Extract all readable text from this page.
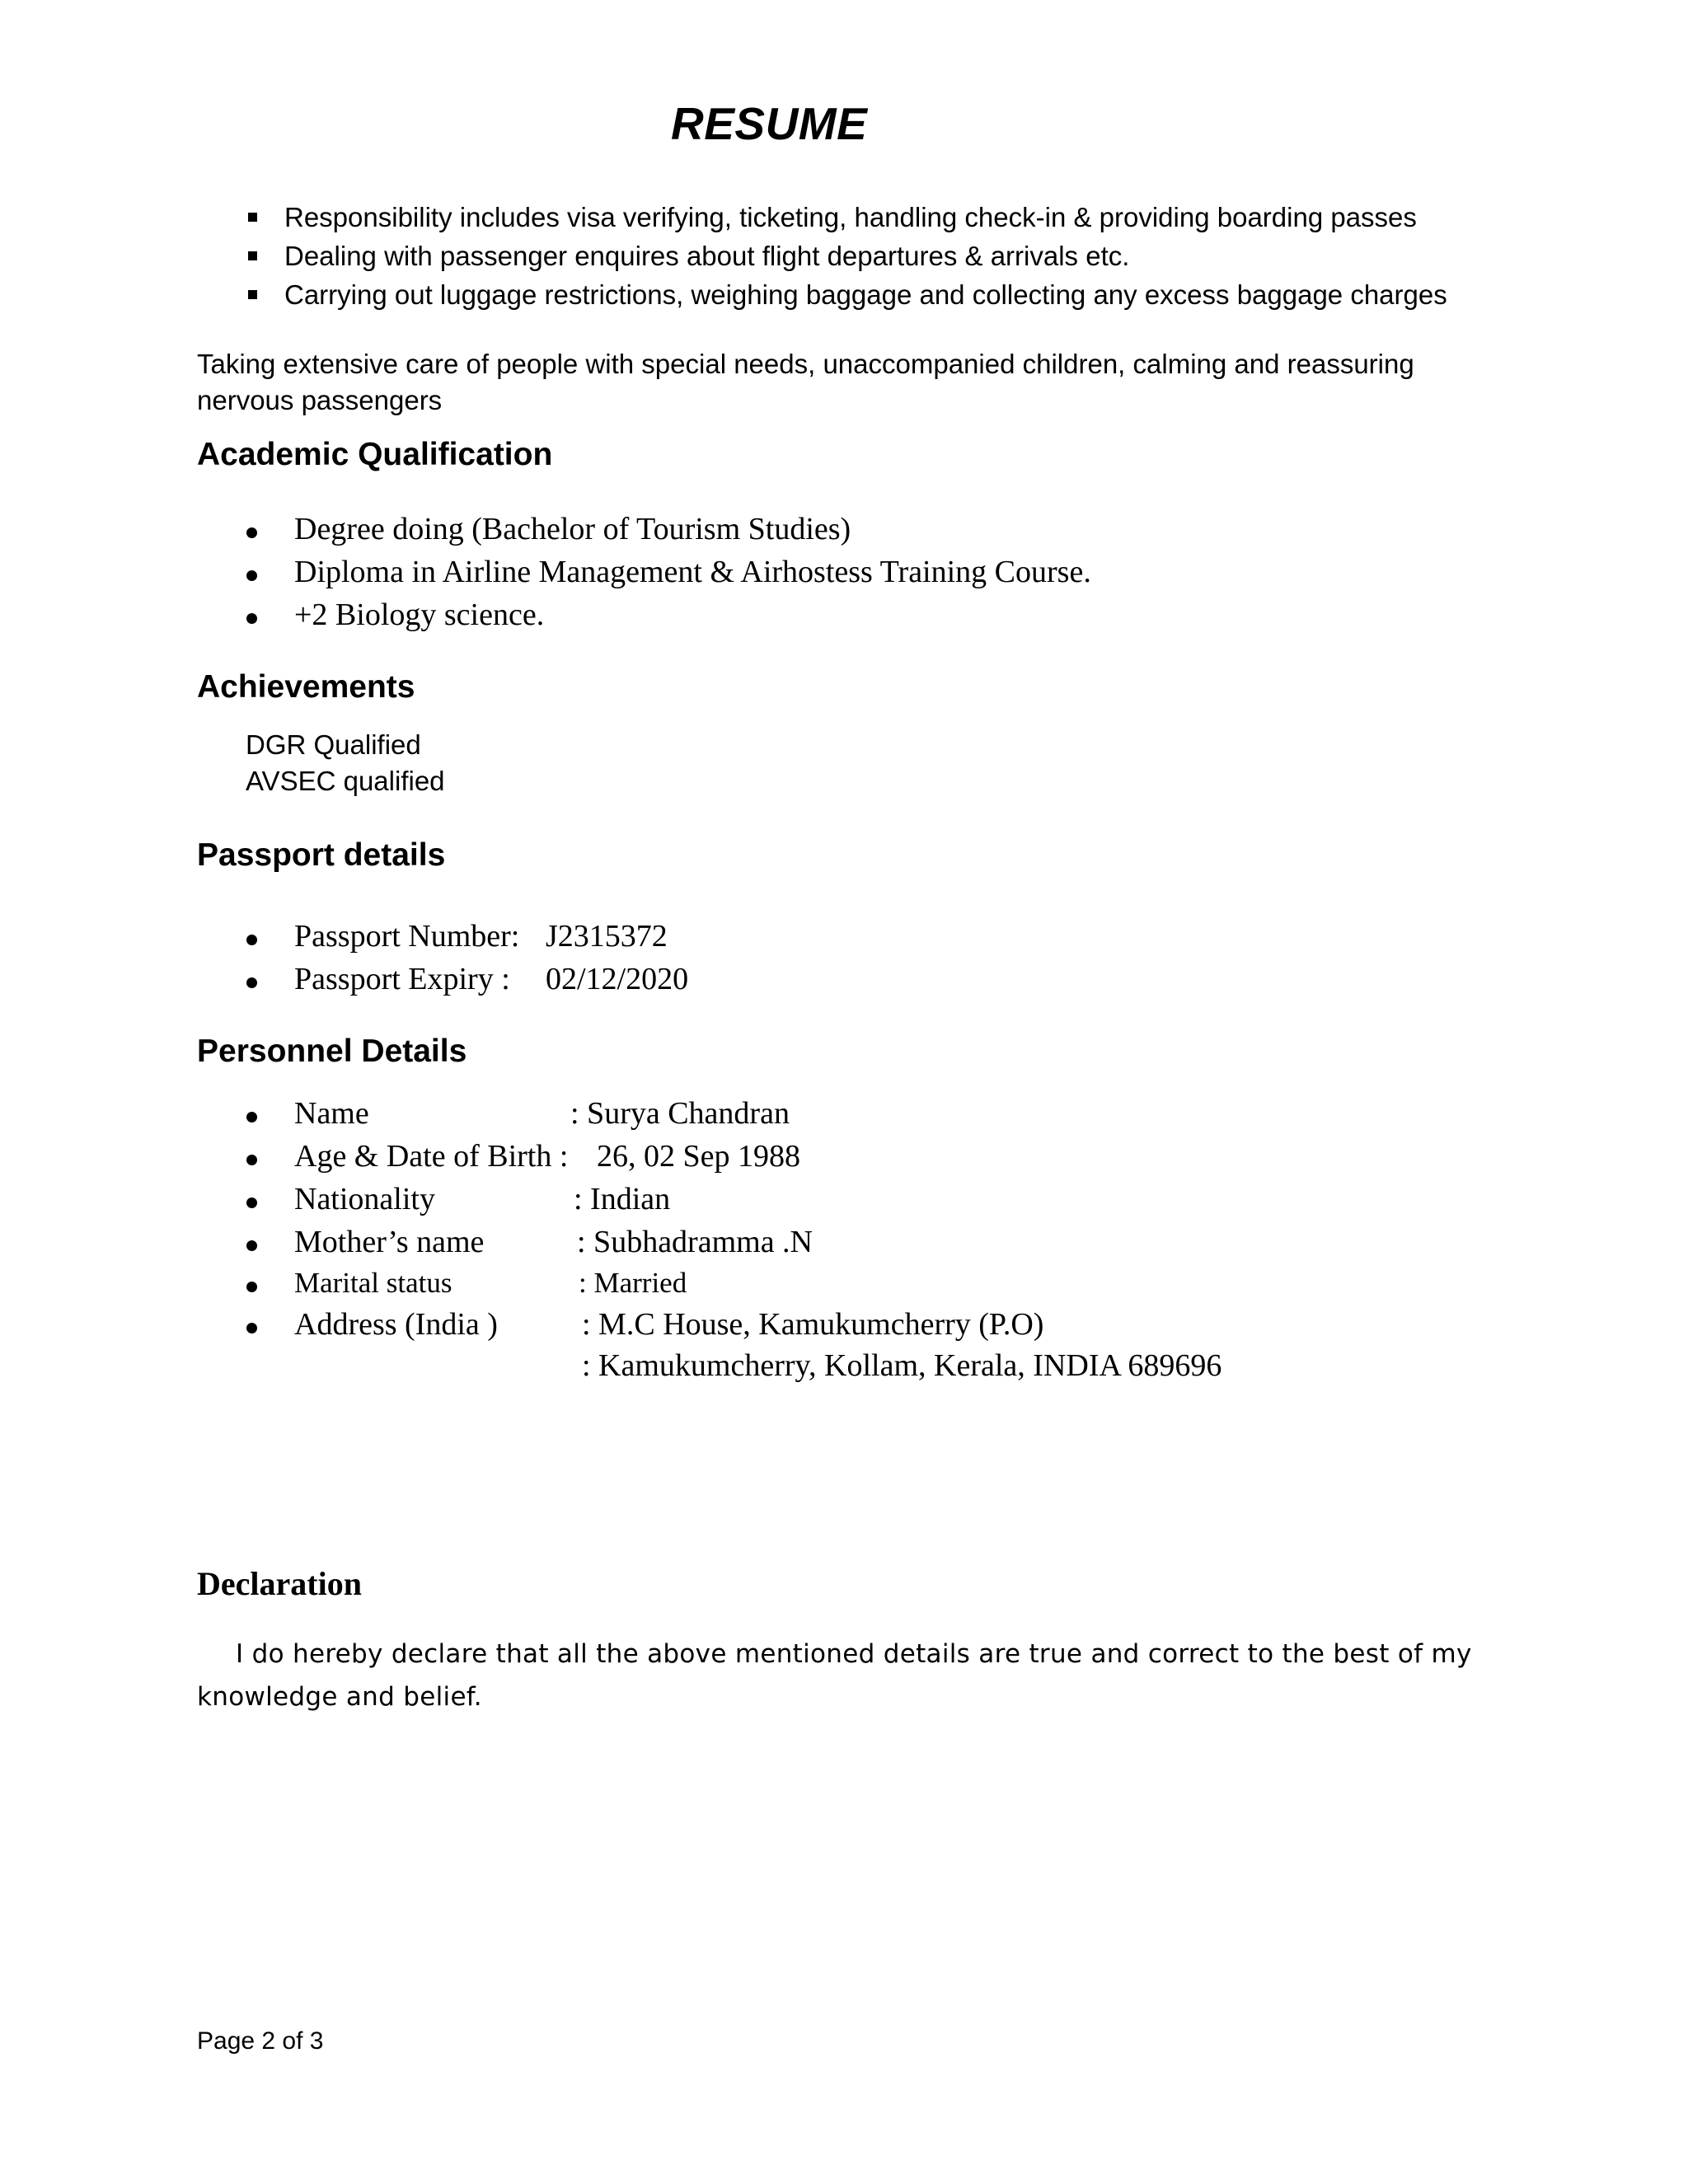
RESUME
Responsibility includes visa verifying, ticketing, handling check-in & providing boarding passes
Dealing with passenger enquires about flight departures & arrivals etc.
Carrying out luggage restrictions, weighing baggage and collecting any excess baggage charges
Taking extensive care of people with special needs, unaccompanied children, calming and reassuring
nervous passengers
Academic Qualification
Degree doing (Bachelor of Tourism Studies)
Diploma in Airline Management & Airhostess Training Course.
+2 Biology science.
Achievements
DGR Qualified
AVSEC qualified
Passport details
Passport Number: J2315372
Passport Expiry : 02/12/2020
Personnel Details
Name	: Surya Chandran
Age & Date of Birth : 26, 02 Sep 1988
Nationality	: Indian
Mother’s name	: Subhadramma .N
Marital status	: Married
Address (India )	: M.C House, Kamukumcherry (P.O)
: Kamukumcherry, Kollam, Kerala, INDIA 689696
Declaration
I do hereby declare that all the above mentioned details are true and correct to the best of my
knowledge and belief.
Page 2 of 3
